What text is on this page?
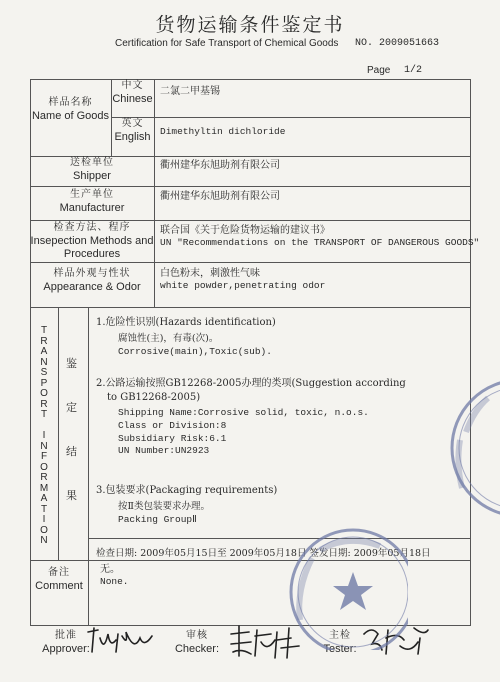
货物运输条件鉴定书
Certification for Safe Transport of Chemical Goods NO. 2009051663
Page 1/2
样品名称
Name of Goods
中文
Chinese
二氯二甲基锡
英文
English Dimethyltin dichloride
送检单位
Shipper
衢州建华东旭助剂有限公司
生产单位
Manufacturer
衢州建华东旭助剂有限公司
检查方法、程序
Insepection Methods and
Procedures
联合国《关于危险货物运输的建议书》
UN "Recommendations on the TRANSPORT OF DANGEROUS GOODS"
样品外观与性状
Appearance & Odor
白色粉末，刺激性气味
white powder,penetrating odor
T
R
A
N
S
P
O
R
T
I
N
F
O
R
M
A
T
I
O
N
鉴
定
结
果
1.危险性识别(Hazards identification)
腐蚀性(主)，有毒(次)。
Corrosive(main),Toxic(sub).
2.公路运输按照GB12268-2005办理的类项(Suggestion according
to GB12268-2005)
Shipping Name:Corrosive solid, toxic, n.o.s.
Class or Division:8
Subsidiary Risk:6.1
UN Number:UN2923
3.包装要求(Packaging requirements)
按Ⅱ类包装要求办理。
Packing GroupⅡ
检查日期: 2009年05月15日至 2009年05月18日 签发日期: 2009年05月18日
备注
Comment
无。
None.
批准
Approver:
审核
Checker:
主检
Tester:
